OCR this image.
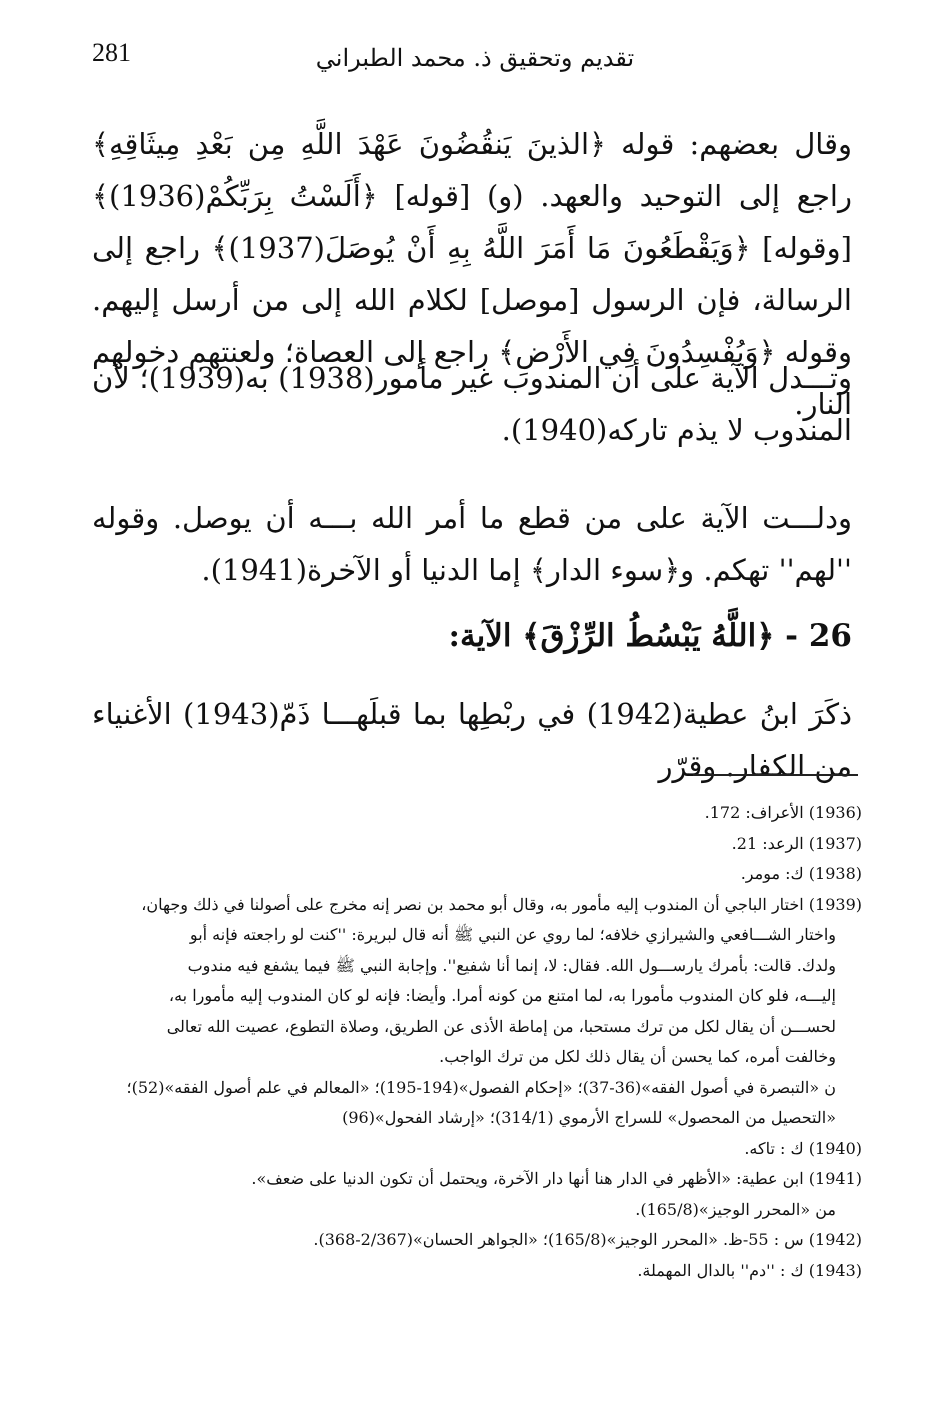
281	تقديم وتحقيق ذ. محمد الطبراني

وقال بعضهم: قوله ﴿الذينَ يَنقُضُونَ عَهْدَ اللَّهِ مِن بَعْدِ مِيثَاقِهِ﴾ راجع إلى التوحيد والعهد. (و) [قوله] ﴿أَلَسْتُ بِرَبِّكُمْ(1936)﴾ [وقوله] ﴿وَيَقْطَعُونَ مَا أَمَرَ اللَّهُ بِهِ أَنْ يُوصَلَ(1937)﴾ راجع إلى الرسالة، فإن الرسول [موصل] لكلام الله إلى من أرسل إليهم. وقوله ﴿وَيُفْسِدُونَ فِي الأَرْضِ﴾ راجع إلى العصاة؛ ولعنتهم دخولهم النار.

وتـــدل الآية على أن المندوب غير مأمور(1938) به(1939)؛ لأن المندوب لا يذم تاركه(1940).

ودلـــت الآية على من قطع ما أمر الله بـــه أن يوصل. وقوله ''لهم'' تهكم. و﴿سوء الدار﴾ إما الدنيا أو الآخرة(1941).

26 - ﴿اللَّهُ يَبْسُطُ الرِّزْقَ﴾ الآية:

ذكَرَ ابنُ عطية(1942) في ربْطِها بما قبلَهـــا ذَمّ(1943) الأغنياء من الكفار. وقرّر

(1936) الأعراف: 172.

(1937) الرعد: 21.

(1938) ك: مومر.

(1939) اختار الباجي أن المندوب إليه مأمور به، وقال أبو محمد بن نصر إنه مخرج على أصولنا في ذلك وجهان،

واختار الشـــافعي والشيرازي خلافه؛ لما روي عن النبي ﷺ أنه قال لبريرة: ''كنت لو راجعته فإنه أبو

ولدك. قالت: بأمرك يارســـول الله. فقال: لا، إنما أنا شفيع''. وإجابة النبي ﷺ فيما يشفع فيه مندوب

إليـــه، فلو كان المندوب مأمورا به، لما امتنع من كونه أمرا. وأيضا: فإنه لو كان المندوب إليه مأمورا به،

لحســـن أن يقال لكل من ترك مستحبا، من إماطة الأذى عن الطريق، وصلاة التطوع، عصيت الله تعالى

وخالفت أمره، كما يحسن أن يقال ذلك لكل من ترك الواجب.

ن «التبصرة في أصول الفقه»(36-37)؛ «إحكام الفصول»(194-195)؛ «المعالم في علم أصول الفقه»(52)؛

«التحصيل من المحصول» للسراج الأرموي (314/1)؛ «إرشاد الفحول»(96)

(1940) ك : تاكه.

(1941) ابن عطية: «الأظهر في الدار هنا أنها دار الآخرة، ويحتمل أن تكون الدنيا على ضعف».

من «المحرر الوجيز»(165/8).

(1942) س : 55-ظ. «المحرر الوجيز»(165/8)؛ «الجواهر الحسان»(2/367-368).

(1943) ك : ''دم'' بالدال المهملة.
